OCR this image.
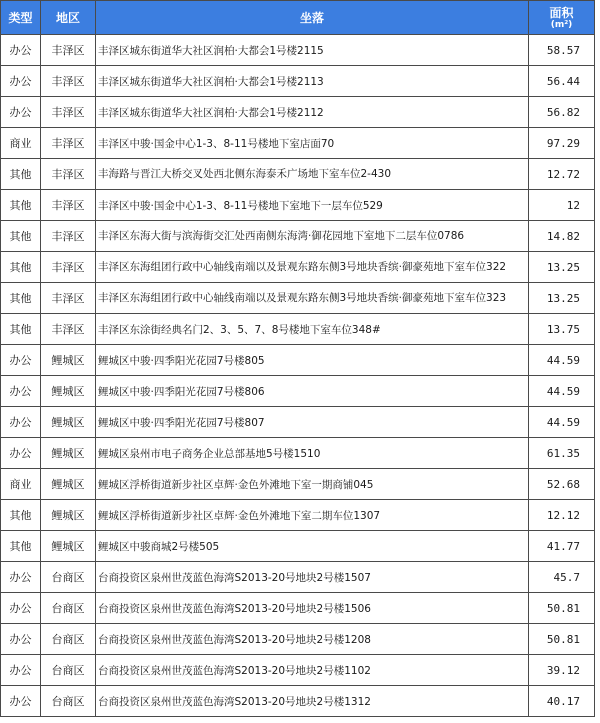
类型	地区	坐落	面积
(m²)

办公	丰泽区	丰泽区城东街道华大社区润柏·大都会1号楼2115	58.57
办公	丰泽区	丰泽区城东街道华大社区润柏·大都会1号楼2113	56.44
办公	丰泽区	丰泽区城东街道华大社区润柏·大都会1号楼2112	56.82
商业	丰泽区	丰泽区中骏·国金中心1-3、8-11号楼地下室店面70	97.29
其他	丰泽区	丰海路与晋江大桥交叉处西北侧东海泰禾广场地下室车位2-430	12.72
其他	丰泽区	丰泽区中骏·国金中心1-3、8-11号楼地下室地下一层车位529	12
其他	丰泽区	丰泽区东海大街与滨海街交汇处西南侧东海湾·御花园地下室地下二层车位0786	14.82
其他	丰泽区	丰泽区东海组团行政中心轴线南端以及景观东路东侧3号地块香缤·御豪苑地下室车位322	13.25
其他	丰泽区	丰泽区东海组团行政中心轴线南端以及景观东路东侧3号地块香缤·御豪苑地下室车位323	13.25
其他	丰泽区	丰泽区东涂街经典名门2、3、5、7、8号楼地下室车位348#	13.75
办公	鲤城区	鲤城区中骏·四季阳光花园7号楼805	44.59
办公	鲤城区	鲤城区中骏·四季阳光花园7号楼806	44.59
办公	鲤城区	鲤城区中骏·四季阳光花园7号楼807	44.59
办公	鲤城区	鲤城区泉州市电子商务企业总部基地5号楼1510	61.35
商业	鲤城区	鲤城区浮桥街道新步社区卓辉·金色外滩地下室一期商铺045	52.68
其他	鲤城区	鲤城区浮桥街道新步社区卓辉·金色外滩地下室二期车位1307	12.12
其他	鲤城区	鲤城区中骏商城2号楼505	41.77
办公	台商区	台商投资区泉州世茂蓝色海湾S2013-20号地块2号楼1507	45.7
办公	台商区	台商投资区泉州世茂蓝色海湾S2013-20号地块2号楼1506	50.81
办公	台商区	台商投资区泉州世茂蓝色海湾S2013-20号地块2号楼1208	50.81
办公	台商区	台商投资区泉州世茂蓝色海湾S2013-20号地块2号楼1102	39.12
办公	台商区	台商投资区泉州世茂蓝色海湾S2013-20号地块2号楼1312	40.17
